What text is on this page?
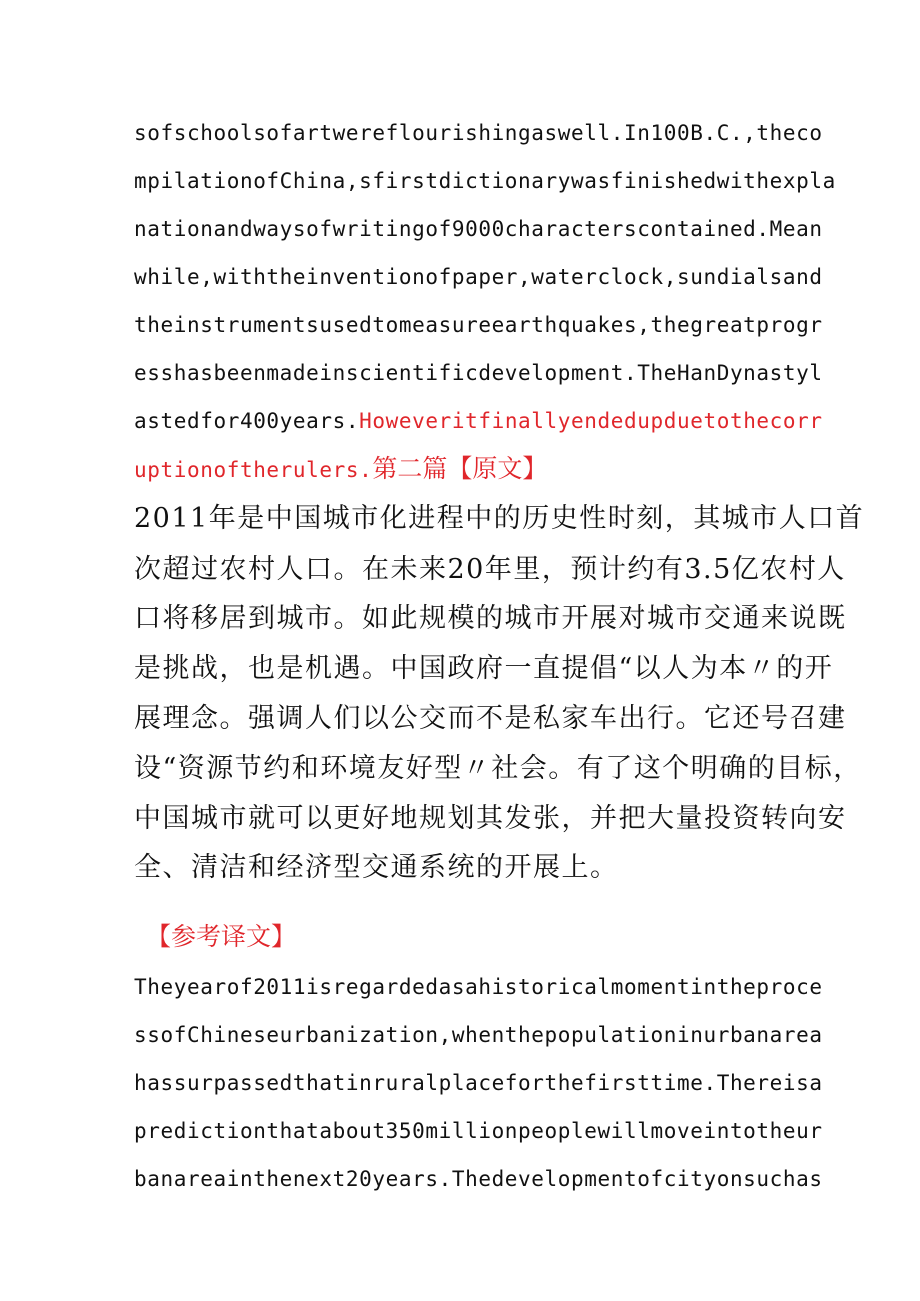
sofschoolsofartwereflourishingaswell.In100B.C.,theco
mpilationofChina,sfirstdictionarywasfinishedwithexpla
nationandwaysofwritingof9000characterscontained.Mean
while,withtheinventionofpaper,waterclock,sundialsand
theinstrumentsusedtomeasureearthquakes,thegreatprogr
esshasbeenmadeinscientificdevelopment.TheHanDynastyl
astedfor400years.Howeveritfinallyendedupduetothecorr
uptionoftherulers.第二篇【原文】
2011年是中国城市化进程中的历史性时刻，其城市人口首
次超过农村人口。在未来20年里，预计约有3.5亿农村人
口将移居到城市。如此规模的城市开展对城市交通来说既
是挑战，也是机遇。中国政府一直提倡“以人为本〃的开
展理念。强调人们以公交而不是私家车出行。它还号召建
设“资源节约和环境友好型〃社会。有了这个明确的目标，
中国城市就可以更好地规划其发张，并把大量投资转向安
全、清洁和经济型交通系统的开展上。
【参考译文】
Theyearof2011isregardedasahistoricalmomentintheproce
ssofChineseurbanization,whenthepopulationinurbanarea
hassurpassedthatinruralplaceforthefirsttime.Thereisa
predictionthatabout350millionpeoplewillmoveintotheur
banareainthenext20years.Thedevelopmentofcityonsuchas
